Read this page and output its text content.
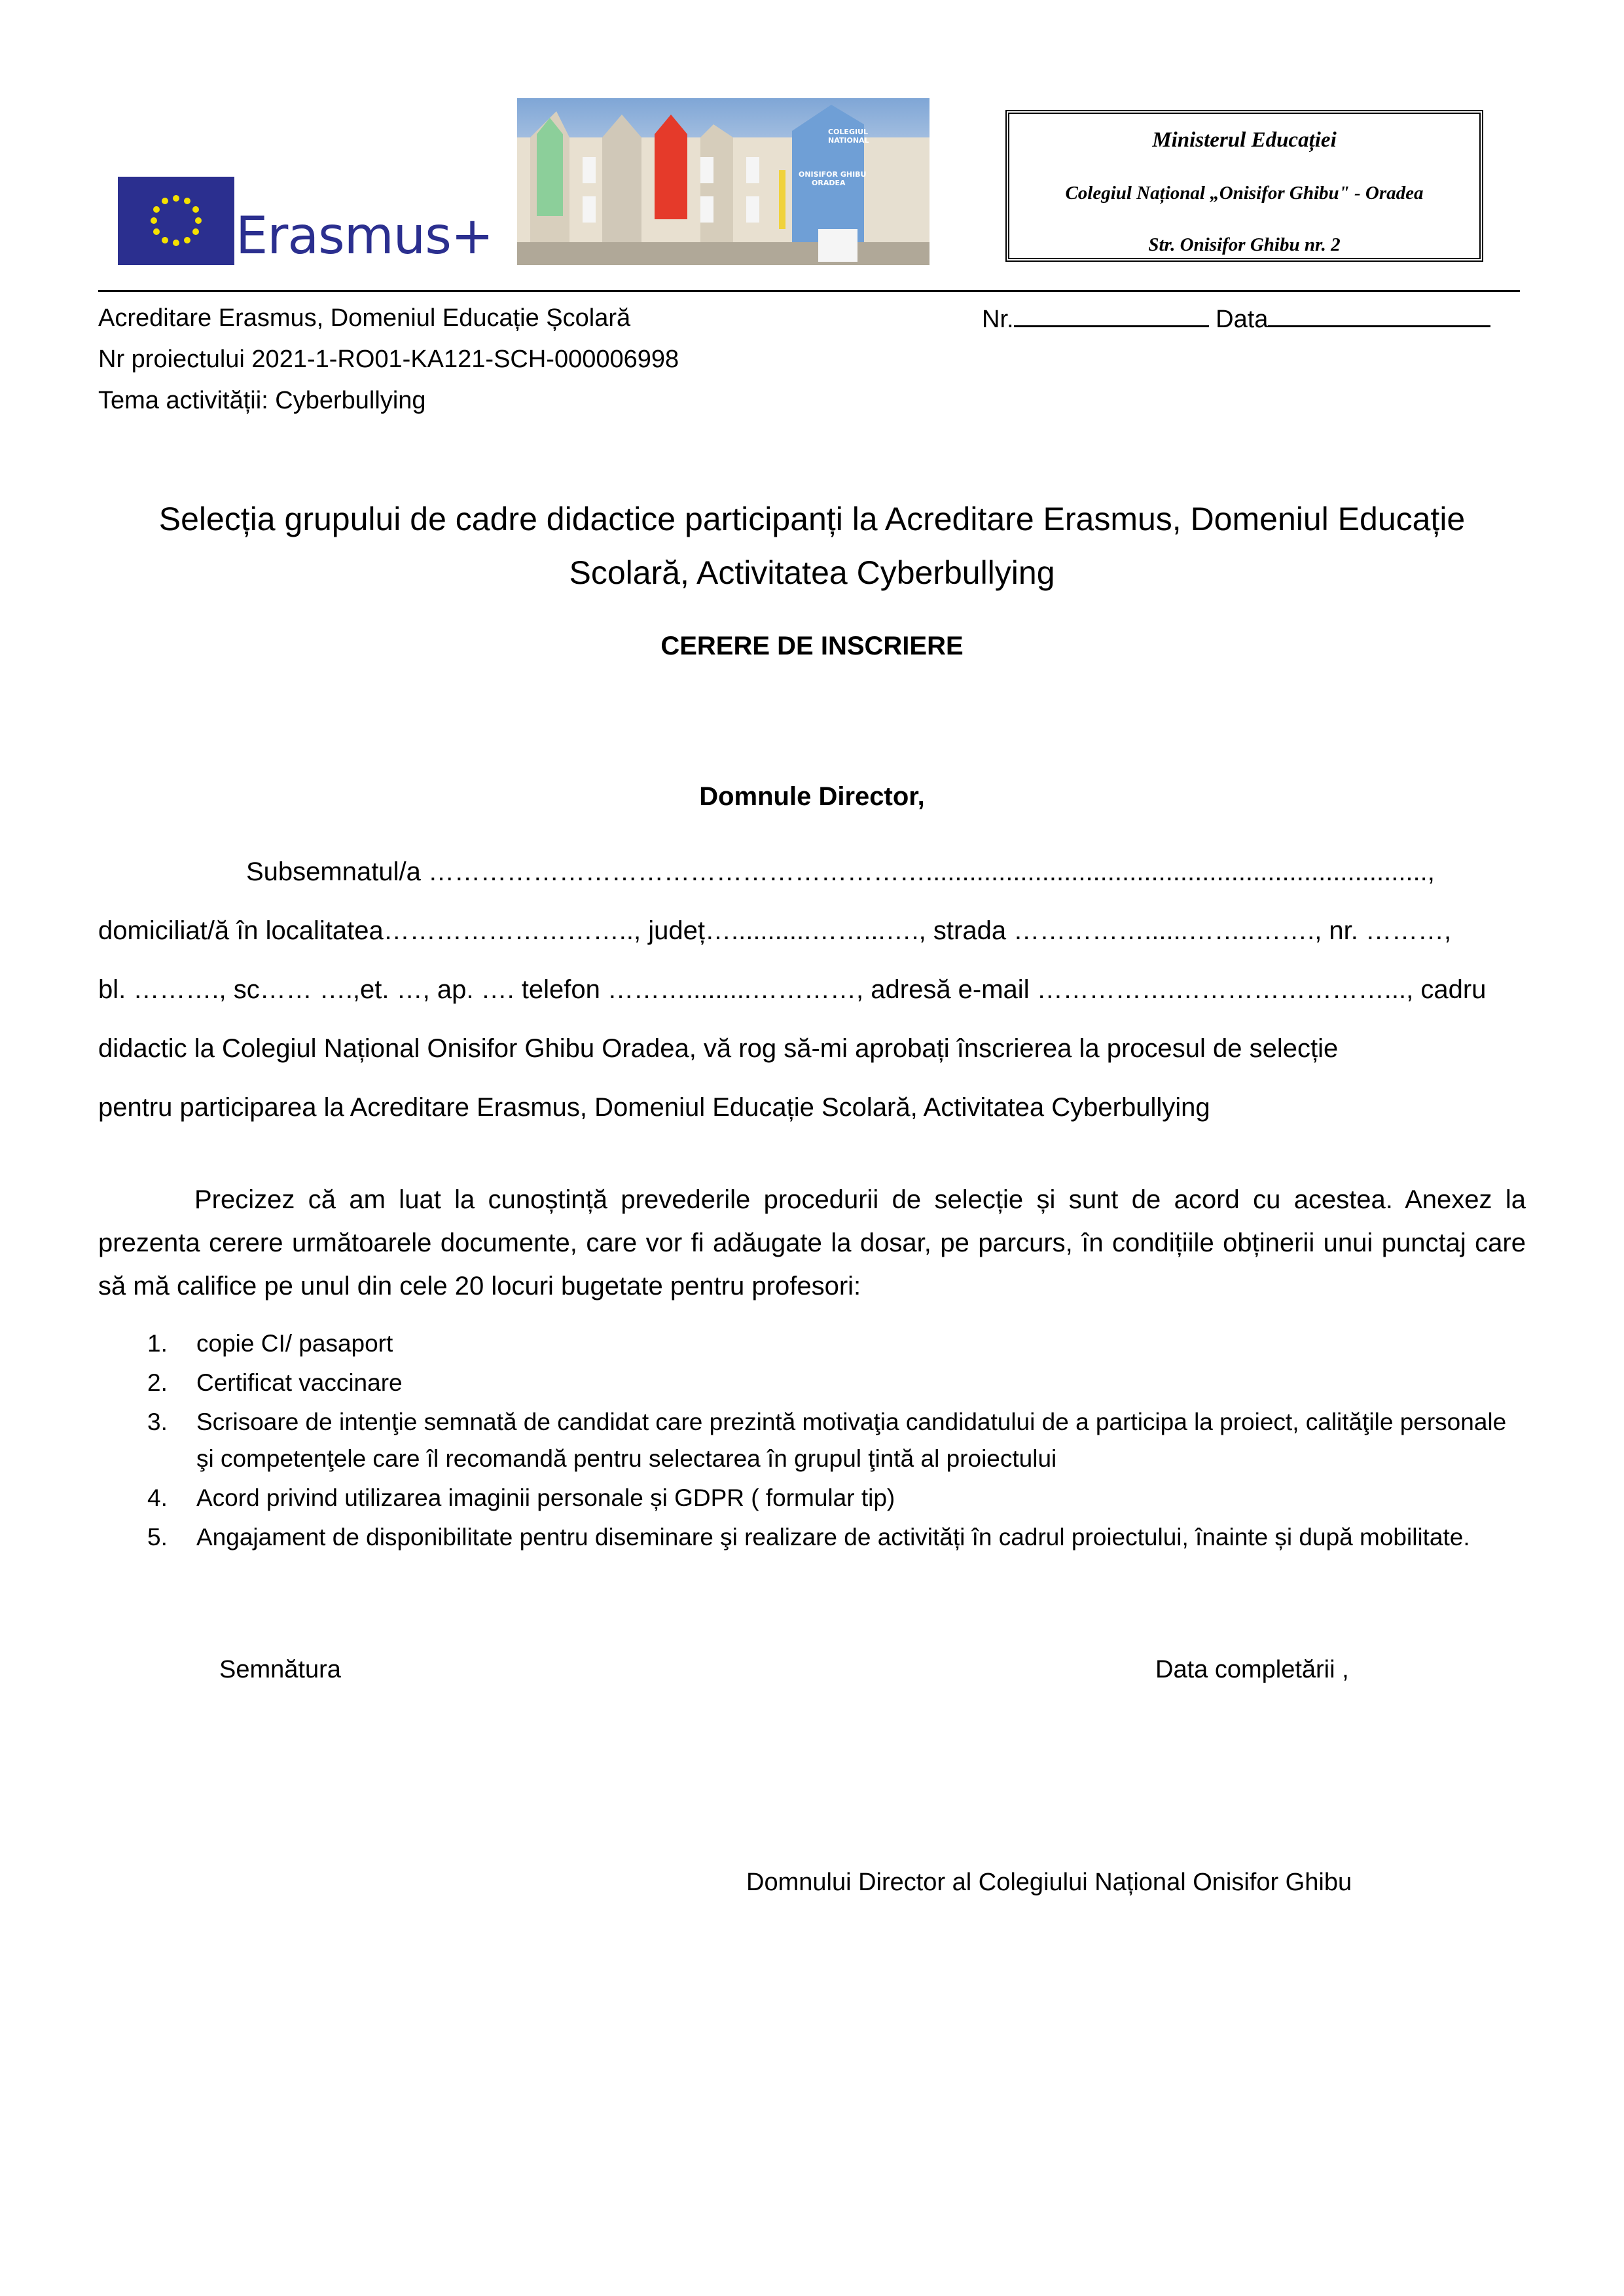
Erasmus+
COLEGIUL
NATIONAL
ONISIFOR GHIBU
ORADEA
Ministerul Educației
Colegiul Național „Onisifor Ghibu" - Oradea
Str. Onisifor Ghibu nr. 2
Acreditare Erasmus, Domeniul Educație Școlară
Nr proiectului 2021-1-RO01-KA121-SCH-000006998
Tema activității: Cyberbullying
Nr.	Data
Selecția grupului de cadre didactice participanți la Acreditare Erasmus, Domeniul Educație Scolară, Activitatea Cyberbullying
CERERE DE INSCRIERE
Domnule Director,
Subsemnatul/a ………………………………………………….....................................................................,
domiciliat/ă în localitatea……………………….., județ…...........……...…., strada ……………......……..……., nr. ………,
bl. ………., sc…… ….,et. …, ap. …. telefon ……….........…………, adresă e-mail …………….……………………..., cadru
didactic la Colegiul Național Onisifor Ghibu Oradea, vă rog să-mi aprobați înscrierea la procesul de selecție
pentru participarea la Acreditare Erasmus, Domeniul Educație Scolară, Activitatea Cyberbullying
Precizez că am luat la cunoștință prevederile procedurii de selecție și sunt de acord cu acestea. Anexez la prezenta cerere următoarele documente, care vor fi adăugate la dosar, pe parcurs, în condițiile obținerii unui punctaj care să mă califice pe unul din cele 20 locuri bugetate pentru profesori:
1.	copie CI/ pasaport
2.	Certificat vaccinare
3.	Scrisoare de intenţie semnată de candidat care prezintă motivaţia candidatului de a participa la proiect, calităţile personale şi competenţele care îl recomandă pentru selectarea în grupul ţintă al proiectului
4.	Acord privind utilizarea imaginii personale și GDPR ( formular tip)
5.	Angajament de disponibilitate pentru diseminare şi realizare de activități în cadrul proiectului, înainte și după mobilitate.
Semnătura	Data completării ,
Domnului Director al Colegiului Național Onisifor Ghibu
